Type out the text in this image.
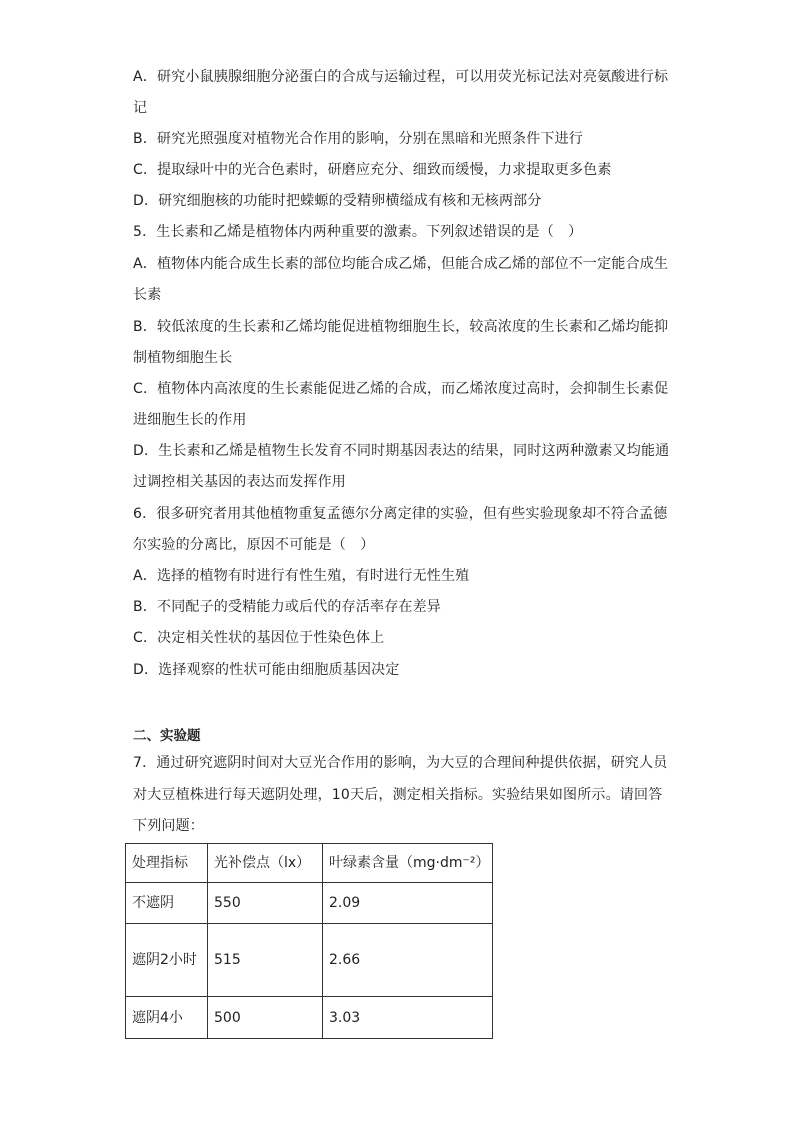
A．研究小鼠胰腺细胞分泌蛋白的合成与运输过程，可以用荧光标记法对亮氨酸进行标
记
B．研究光照强度对植物光合作用的影响，分别在黑暗和光照条件下进行
C．提取绿叶中的光合色素时，研磨应充分、细致而缓慢，力求提取更多色素
D．研究细胞核的功能时把蝾螈的受精卵横缢成有核和无核两部分
5．生长素和乙烯是植物体内两种重要的激素。下列叙述错误的是（　）
A．植物体内能合成生长素的部位均能合成乙烯，但能合成乙烯的部位不一定能合成生
长素
B．较低浓度的生长素和乙烯均能促进植物细胞生长，较高浓度的生长素和乙烯均能抑
制植物细胞生长
C．植物体内高浓度的生长素能促进乙烯的合成，而乙烯浓度过高时，会抑制生长素促
进细胞生长的作用
D．生长素和乙烯是植物生长发育不同时期基因表达的结果，同时这两种激素又均能通
过调控相关基因的表达而发挥作用
6．很多研究者用其他植物重复孟德尔分离定律的实验，但有些实验现象却不符合孟德
尔实验的分离比，原因不可能是（　）
A．选择的植物有时进行有性生殖，有时进行无性生殖
B．不同配子的受精能力或后代的存活率存在差异
C．决定相关性状的基因位于性染色体上
D．选择观察的性状可能由细胞质基因决定
二、实验题
7．通过研究遮阴时间对大豆光合作用的影响，为大豆的合理间种提供依据，研究人员
对大豆植株进行每天遮阴处理，10天后，测定相关指标。实验结果如图所示。请回答
下列问题：
处理指标	光补偿点（lx）	叶绿素含量（mg·dm⁻²）
不遮阴	550	2.09
遮阴2小时	515	2.66
遮阴4小	500	3.03
